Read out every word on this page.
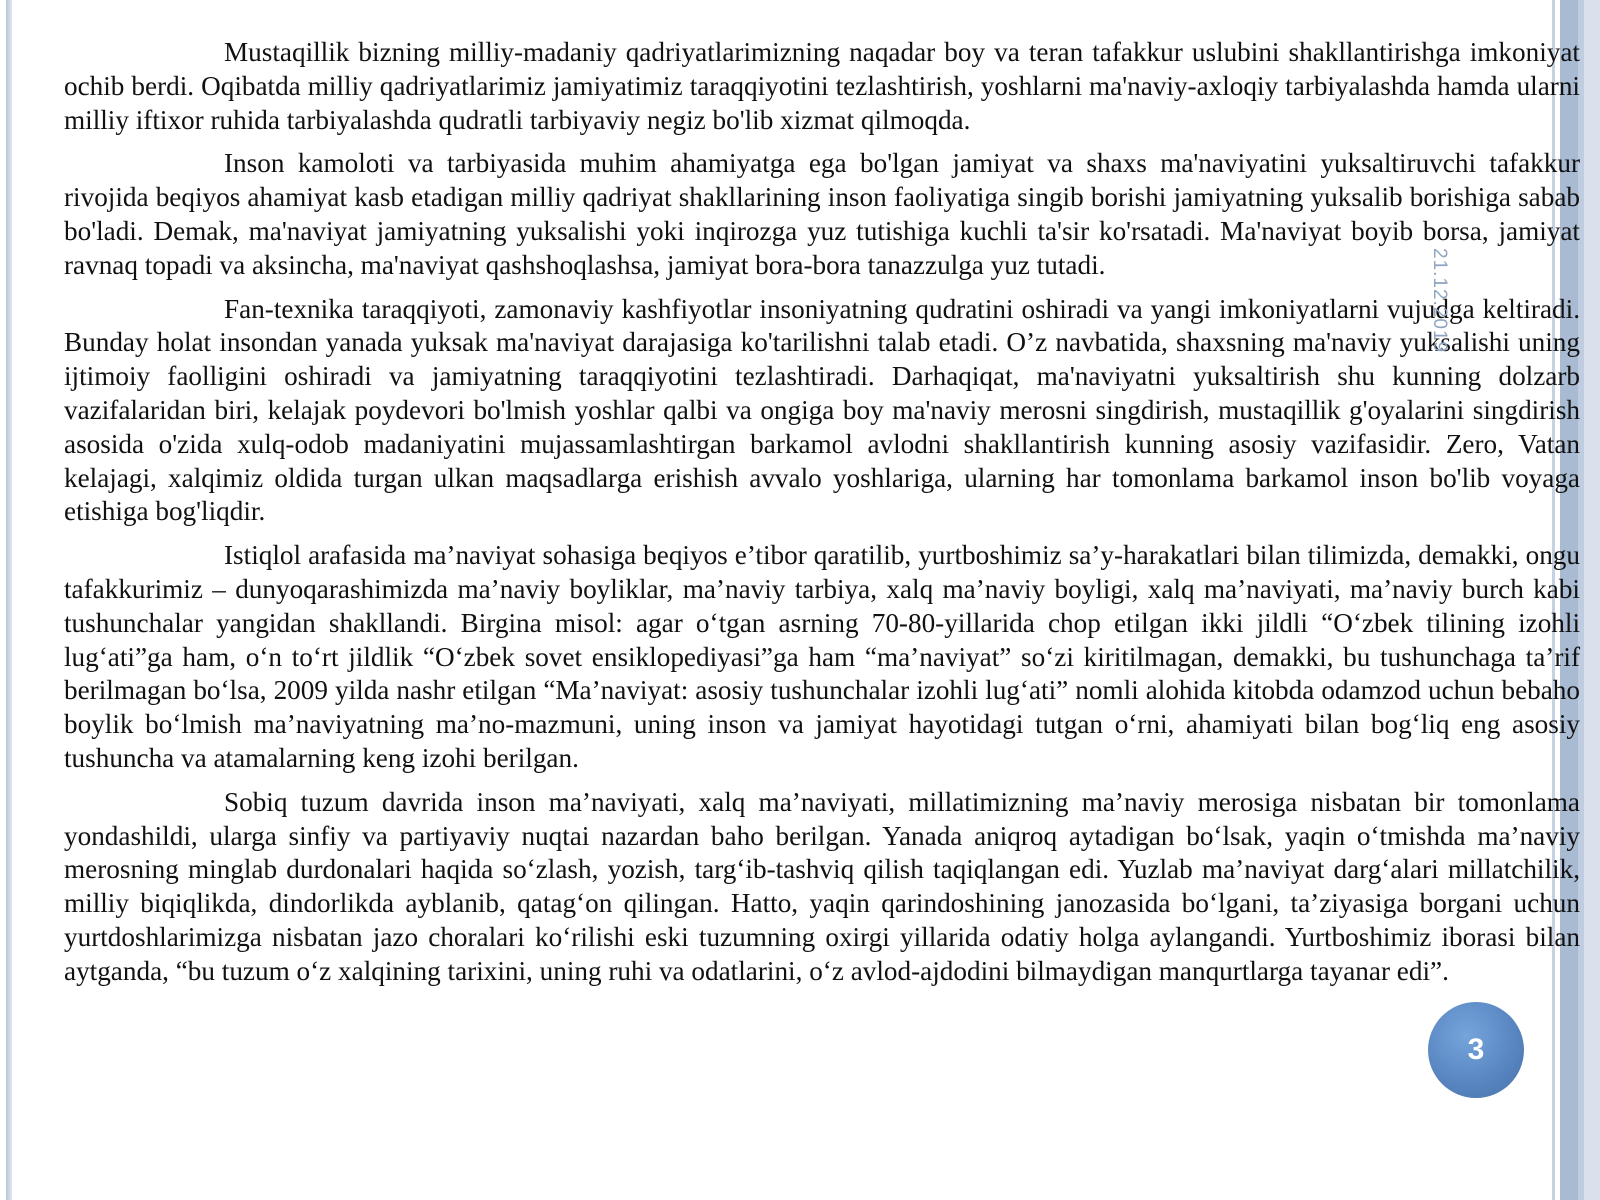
Mustaqillik bizning milliy-madaniy qadriyatlarimizning naqadar boy va teran tafakkur uslubini shakllantirishga imkoniyat ochib berdi. Oqibatda milliy qadriyatlarimiz jamiyatimiz taraqqiyotini tezlashtirish, yoshlarni ma'naviy-axloqiy tarbiyalashda hamda ularni milliy iftixor ruhida tarbiyalashda qudratli tarbiyaviy negiz bo'lib xizmat qilmoqda.

Inson kamoloti va tarbiyasida muhim ahamiyatga ega bo'lgan jamiyat va shaxs ma'naviyatini yuksaltiruvchi tafakkur rivojida beqiyos ahamiyat kasb etadigan milliy qadriyat shakllarining inson faoliyatiga singib borishi jamiyatning yuksalib borishiga sabab bo'ladi. Demak, ma'naviyat jamiyatning yuksalishi yoki inqirozga yuz tutishiga kuchli ta'sir ko'rsatadi. Ma'naviyat boyib borsa, jamiyat ravnaq topadi va aksincha, ma'naviyat qashshoqlashsa, jamiyat bora-bora tanazzulga yuz tutadi.

Fan-texnika taraqqiyoti, zamonaviy kashfiyotlar insoniyatning qudratini oshiradi va yangi imkoniyatlarni vujudga keltiradi. Bunday holat insondan yanada yuksak ma'naviyat darajasiga ko'tarilishni talab etadi. O’z navbatida, shaxsning ma'naviy yuksalishi uning ijtimoiy faolligini oshiradi va jamiyatning taraqqiyotini tezlashtiradi. Darhaqiqat, ma'naviyatni yuksaltirish shu kunning dolzarb vazifalaridan biri, kelajak poydevori bo'lmish yoshlar qalbi va ongiga boy ma'naviy merosni singdirish, mustaqillik g'oyalarini singdirish asosida o'zida xulq-odob madaniyatini mujassamlashtirgan barkamol avlodni shakllantirish kunning asosiy vazifasidir. Zero, Vatan kelajagi, xalqimiz oldida turgan ulkan maqsadlarga erishish avvalo yoshlariga, ularning har tomonlama barkamol inson bo'lib voyaga etishiga bog'liqdir.

Istiqlol arafasida ma’naviyat sohasiga beqiyos e’tibor qaratilib, yurtboshimiz sa’y-harakatlari bilan tilimizda, demakki, ongu tafakkurimiz – dunyoqarashimizda ma’naviy boyliklar, ma’naviy tarbiya, xalq ma’naviy boyligi, xalq ma’naviyati, ma’naviy burch kabi tushunchalar yangidan shakllandi. Birgina misol: agar o‘tgan asrning 70-80-yillarida chop etilgan ikki jildli “O‘zbek tilining izohli lug‘ati”ga ham, o‘n to‘rt jildlik “O‘zbek sovet ensiklopediyasi”ga ham “ma’naviyat” so‘zi kiritilmagan, demakki, bu tushunchaga ta’rif berilmagan bo‘lsa, 2009 yilda nashr etilgan “Ma’naviyat: asosiy tushunchalar izohli lug‘ati” nomli alohida kitobda odamzod uchun bebaho boylik bo‘lmish ma’naviyatning ma’no-mazmuni, uning inson va jamiyat hayotidagi tutgan o‘rni, ahamiyati bilan bog‘liq eng asosiy tushuncha va atamalarning keng izohi berilgan.

Sobiq tuzum davrida inson ma’naviyati, xalq ma’naviyati, millatimizning ma’naviy merosiga nisbatan bir tomonlama yondashildi, ularga sinfiy va partiyaviy nuqtai nazardan baho berilgan. Yanada aniqroq aytadigan bo‘lsak, yaqin o‘tmishda ma’naviy merosning minglab durdonalari haqida so‘zlash, yozish, targ‘ib-tashviq qilish taqiqlangan edi. Yuzlab ma’naviyat darg‘alari millatchilik, milliy biqiqlikda, dindorlikda ayblanib, qatag‘on qilingan. Hatto, yaqin qarindoshining janozasida bo‘lgani, ta’ziyasiga borgani uchun yurtdoshlarimizga nisbatan jazo choralari ko‘rilishi eski tuzumning oxirgi yillarida odatiy holga aylangandi. Yurtboshimiz iborasi bilan aytganda, “bu tuzum o‘z xalqining tarixini, uning ruhi va odatlarini, o‘z avlod-ajdodini bilmaydigan manqurtlarga tayanar edi”.

21.12.2019
3
